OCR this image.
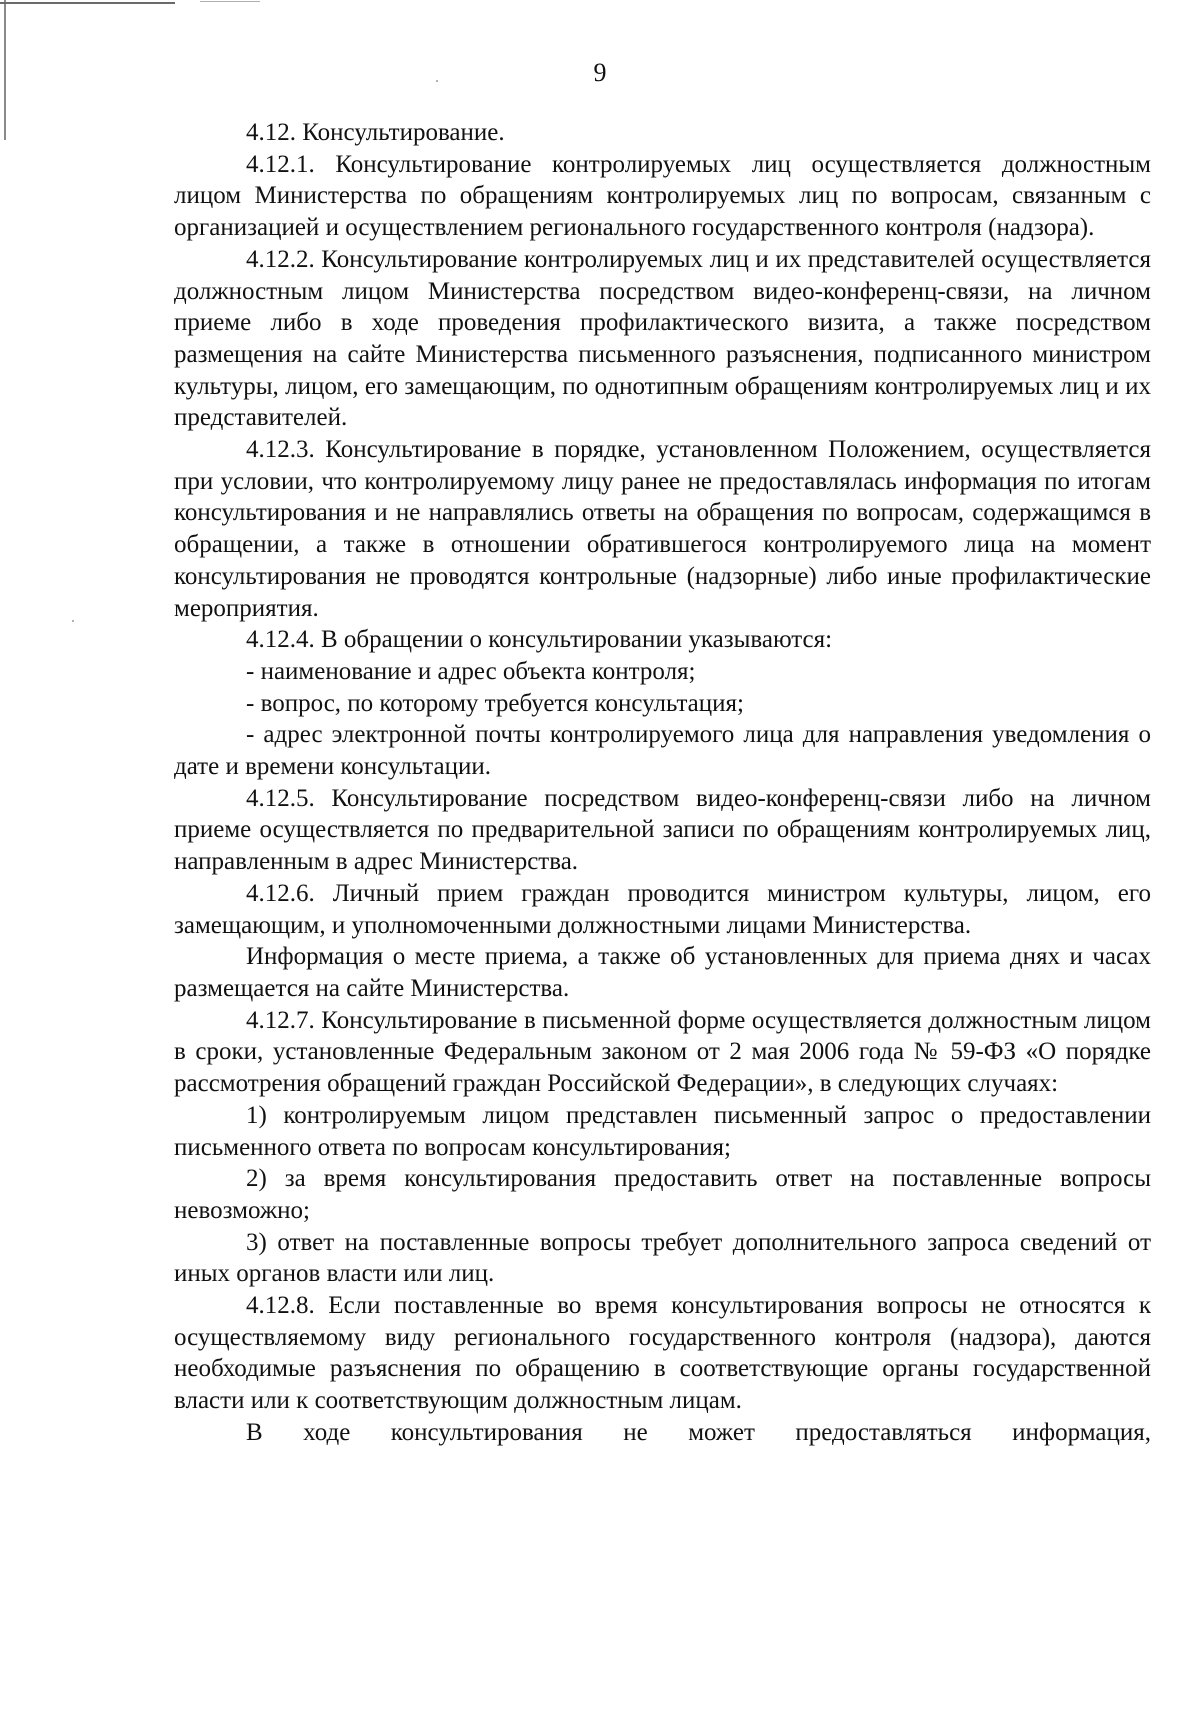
9

4.12. Консультирование.

4.12.1. Консультирование контролируемых лиц осуществляется должностным лицом Министерства по обращениям контролируемых лиц по вопросам, связанным с организацией и осуществлением регионального государственного контроля (надзора).

4.12.2. Консультирование контролируемых лиц и их представителей осуществляется должностным лицом Министерства посредством видео-конференц-связи, на личном приеме либо в ходе проведения профилактического визита, а также посредством размещения на сайте Министерства письменного разъяснения, подписанного министром культуры, лицом, его замещающим, по однотипным обращениям контролируемых лиц и их представителей.

4.12.3. Консультирование в порядке, установленном Положением, осуществляется при условии, что контролируемому лицу ранее не предоставлялась информация по итогам консультирования и не направлялись ответы на обращения по вопросам, содержащимся в обращении, а также в отношении обратившегося контролируемого лица на момент консультирования не проводятся контрольные (надзорные) либо иные профилактические мероприятия.

4.12.4. В обращении о консультировании указываются:

- наименование и адрес объекта контроля;

- вопрос, по которому требуется консультация;

- адрес электронной почты контролируемого лица для направления уведомления о дате и времени консультации.

4.12.5. Консультирование посредством видео-конференц-связи либо на личном приеме осуществляется по предварительной записи по обращениям контролируемых лиц, направленным в адрес Министерства.

4.12.6. Личный прием граждан проводится министром культуры, лицом, его замещающим, и уполномоченными должностными лицами Министерства.

Информация о месте приема, а также об установленных для приема днях и часах размещается на сайте Министерства.

4.12.7. Консультирование в письменной форме осуществляется должностным лицом в сроки, установленные Федеральным законом от 2 мая 2006 года № 59-ФЗ «О порядке рассмотрения обращений граждан Российской Федерации», в следующих случаях:

1) контролируемым лицом представлен письменный запрос о предоставлении письменного ответа по вопросам консультирования;

2) за время консультирования предоставить ответ на поставленные вопросы невозможно;

3) ответ на поставленные вопросы требует дополнительного запроса сведений от иных органов власти или лиц.

4.12.8. Если поставленные во время консультирования вопросы не относятся к осуществляемому виду регионального государственного контроля (надзора), даются необходимые разъяснения по обращению в соответствующие органы государственной власти или к соответствующим должностным лицам.

В ходе консультирования не может предоставляться информация,
